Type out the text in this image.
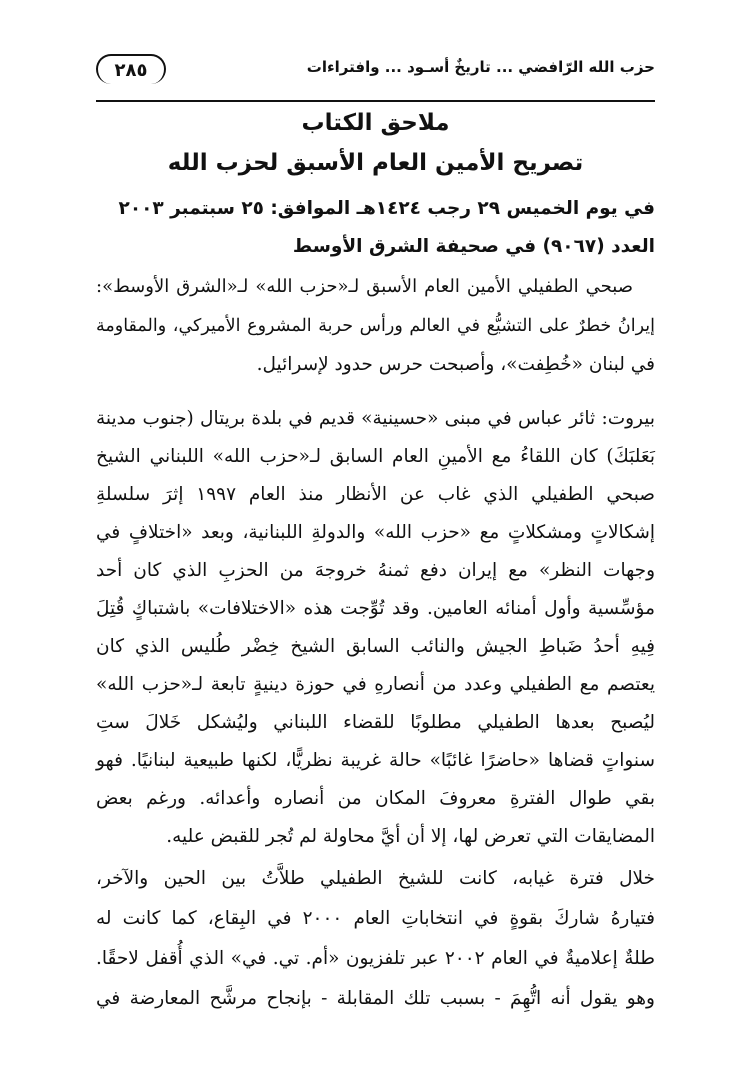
حزب الله الرّافضي ... تاريخٌ أسـود ... وافتراءات
٢٨٥
ملاحق الكتاب
تصريح الأمين العام الأسبق لحزب الله
في يوم الخميس ٢٩ رجب ١٤٢٤هـ الموافق: ٢٥ سبتمبر ٢٠٠٣
العدد (٩٠٦٧) في صحيفة الشرق الأوسط
صبحي الطفيلي الأمين العام الأسبق لـ«حزب الله» لـ«الشرق الأوسط»:
إيرانُ خطرٌ على التشيُّع في العالم ورأس حربة المشروع الأميركي، والمقاومة
في لبنان «خُطِفت»، وأصبحت حرس حدود لإسرائيل.
بيروت: ثائر عباس في مبنى «حسينية» قديم في بلدة بريتال (جنوب مدينة
بَعَلبَكَ) كان اللقاءُ مع الأمينِ العام السابق لـ«حزب الله» اللبناني الشيخ
صبحي الطفيلي الذي غاب عن الأنظار منذ العام ١٩٩٧ إثرَ سلسلةِ
إشكالاتٍ ومشكلاتٍ مع «حزب الله» والدولةِ اللبنانية، وبعد «اختلافٍ في
وجهات النظر» مع إيران دفع ثمنهُ خروجهَ من الحزبِ الذي كان أحد
مؤسِّسية وأول أمنائه العامين. وقد تُوِّجت هذه «الاختلافات» باشتباكٍ قُتِلَ
فِيهِ أحدُ ضَباطِ الجيش والنائب السابق الشيخ خِضْر طُليس الذي كان
يعتصم مع الطفيلي وعدد من أنصارهِ في حوزة دينيةٍ تابعة لـ«حزب الله»
ليُصبح بعدها الطفيلي مطلوبًا للقضاء اللبناني وليُشكل خَلالَ ستِ
سنواتٍ قضاها «حاضرًا غائبًا» حالة غريبة نظريًّا، لكنها طبيعية لبنانيًا. فهو
بقي طوال الفترةِ معروفَ المكان من أنصاره وأعدائه. ورغم بعض
المضايقات التي تعرض لها، إلا أن أيَّ محاولة لم تُجر للقبض عليه.
خلال فترة غيابه، كانت للشيخ الطفيلي طلاَّتُ بين الحين والآخر،
فتيارهُ شاركَ بقوةٍ في انتخاباتِ العام ٢٠٠٠ في البِقاع، كما كانت له
طلةٌ إعلاميةٌ في العام ٢٠٠٢ عبر تلفزيون «أم. تي. في» الذي أُقفل لاحقًا.
وهو يقول أنه اتُّهِمَ - بسبب تلك المقابلة - بإنجاح مرشَّح المعارضة في
